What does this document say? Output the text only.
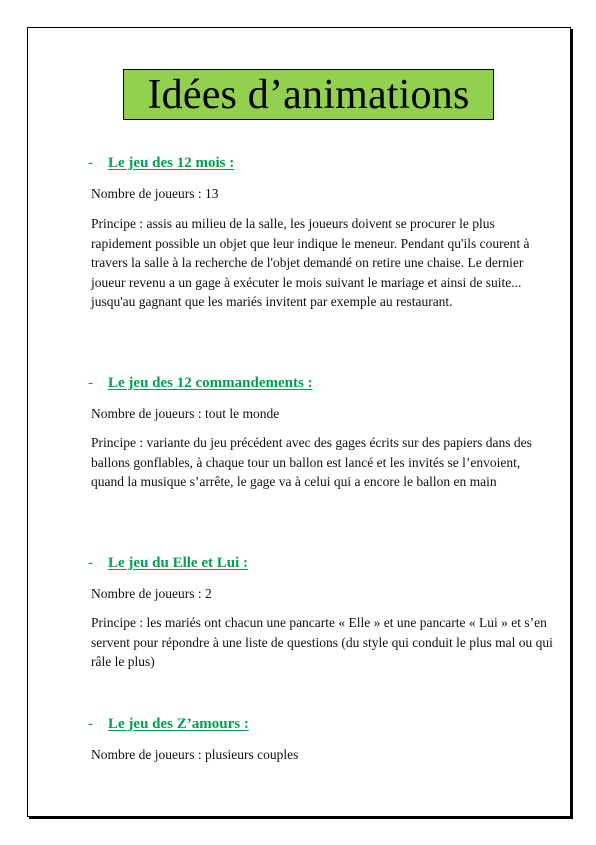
Idées d’animations
- Le jeu des 12 mois :

Nombre de joueurs : 13

Principe : assis au milieu de la salle, les joueurs doivent se procurer le plus rapidement possible un objet que leur indique le meneur. Pendant qu'ils courent à travers la salle à la recherche de l'objet demandé on retire une chaise. Le dernier joueur revenu a un gage à exécuter le mois suivant le mariage et ainsi de suite... jusqu'au gagnant que les mariés invitent par exemple au restaurant.

- Le jeu des 12 commandements :

Nombre de joueurs : tout le monde

Principe : variante du jeu précédent avec des gages écrits sur des papiers dans des ballons gonflables, à chaque tour un ballon est lancé et les invités se l’envoient, quand la musique s’arrête, le gage va à celui qui a encore le ballon en main

- Le jeu du Elle et Lui :

Nombre de joueurs : 2

Principe : les mariés ont chacun une pancarte « Elle » et une pancarte « Lui » et s’en servent pour répondre à une liste de questions (du style qui conduit le plus mal ou qui râle le plus)

- Le jeu des Z’amours :

Nombre de joueurs : plusieurs couples
